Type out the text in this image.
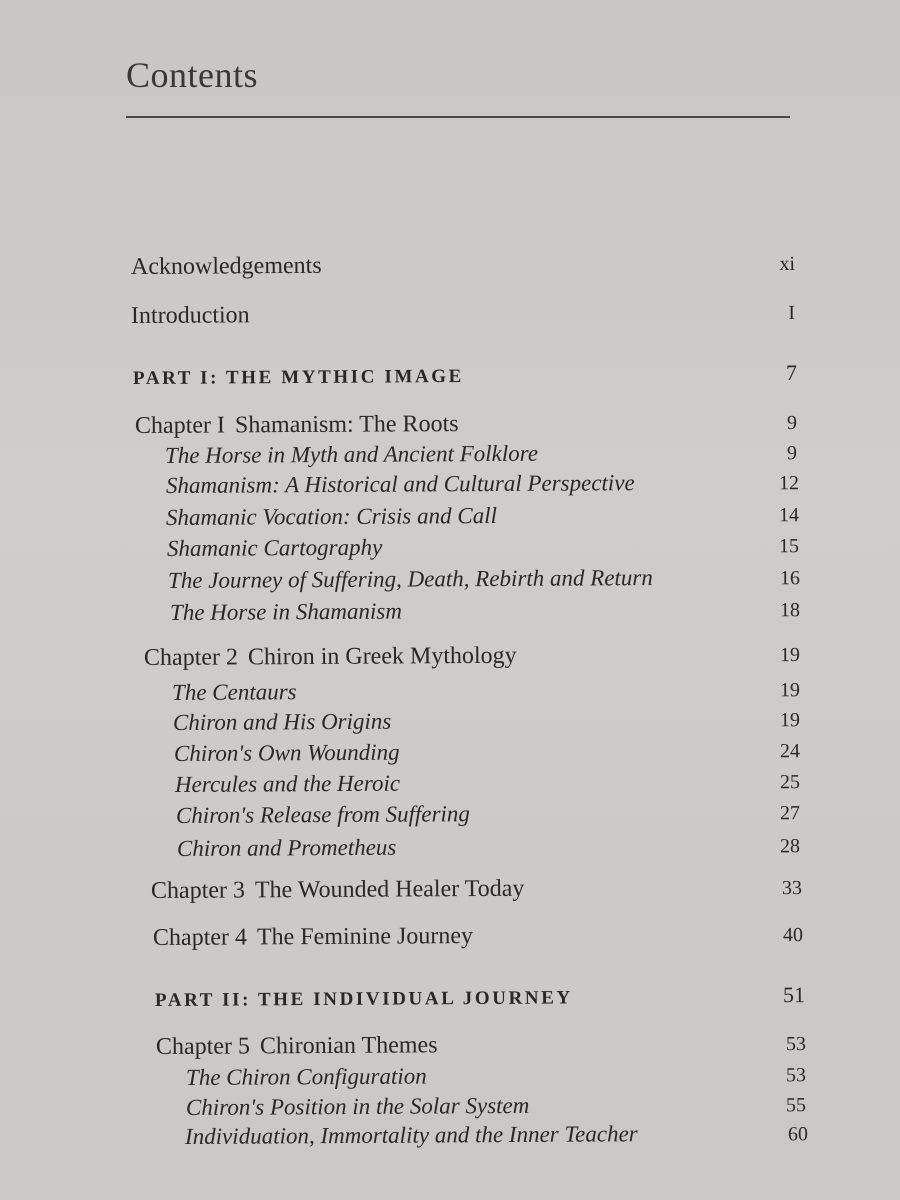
Contents
Acknowledgements	xi
Introduction	I
PART I: THE MYTHIC IMAGE	7
Chapter I Shamanism: The Roots	9
The Horse in Myth and Ancient Folklore	9
Shamanism: A Historical and Cultural Perspective	12
Shamanic Vocation: Crisis and Call	14
Shamanic Cartography	15
The Journey of Suffering, Death, Rebirth and Return	16
The Horse in Shamanism	18
Chapter 2 Chiron in Greek Mythology	19
The Centaurs	19
Chiron and His Origins	19
Chiron's Own Wounding	24
Hercules and the Heroic	25
Chiron's Release from Suffering	27
Chiron and Prometheus	28
Chapter 3 The Wounded Healer Today	33
Chapter 4 The Feminine Journey	40
PART II: THE INDIVIDUAL JOURNEY	51
Chapter 5 Chironian Themes	53
The Chiron Configuration	53
Chiron's Position in the Solar System	55
Individuation, Immortality and the Inner Teacher	60
